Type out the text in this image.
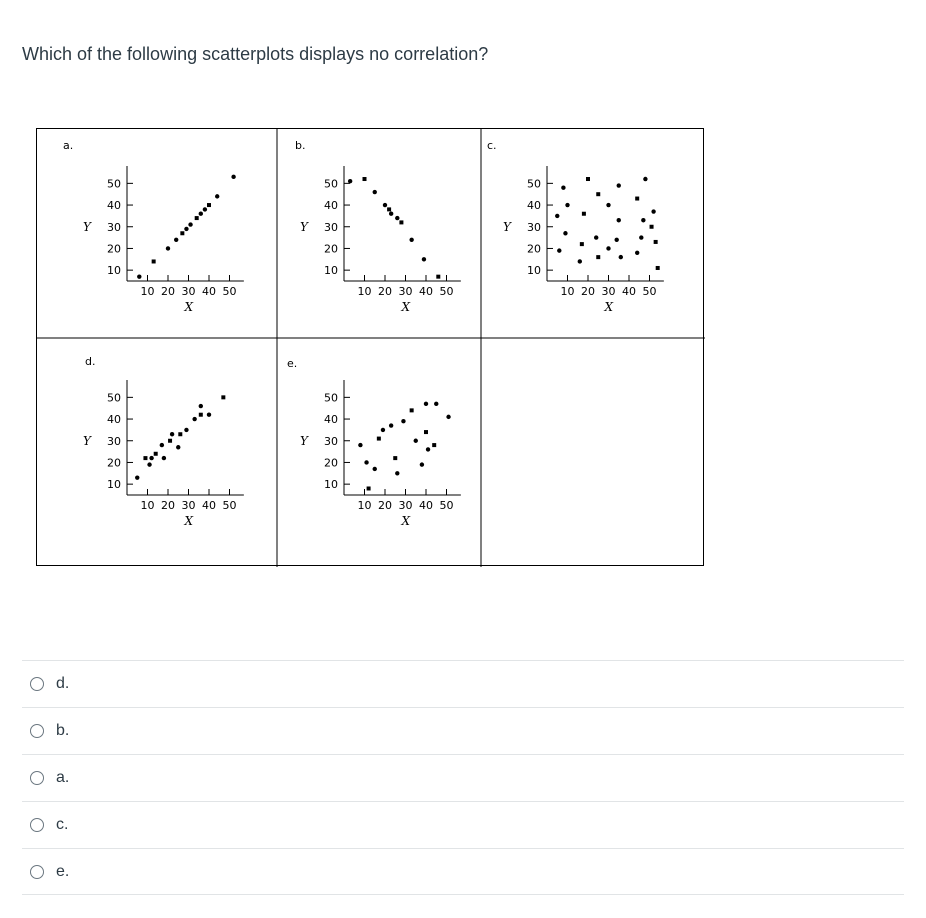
Which of the following scatterplots displays no correlation?
a.
10
20
30
40
50
10 20 30 40 50
Y
X
b.
10
20
30
40
50
10 20 30 40 50
Y
X
c.
10
20
30
40
50
10 20 30 40 50
Y
X
d.
10
20
30
40
50
10 20 30 40 50
Y
X
e.
10
20
30
40
50
10 20 30 40 50
Y
X
d.
b.
a.
c.
e.
